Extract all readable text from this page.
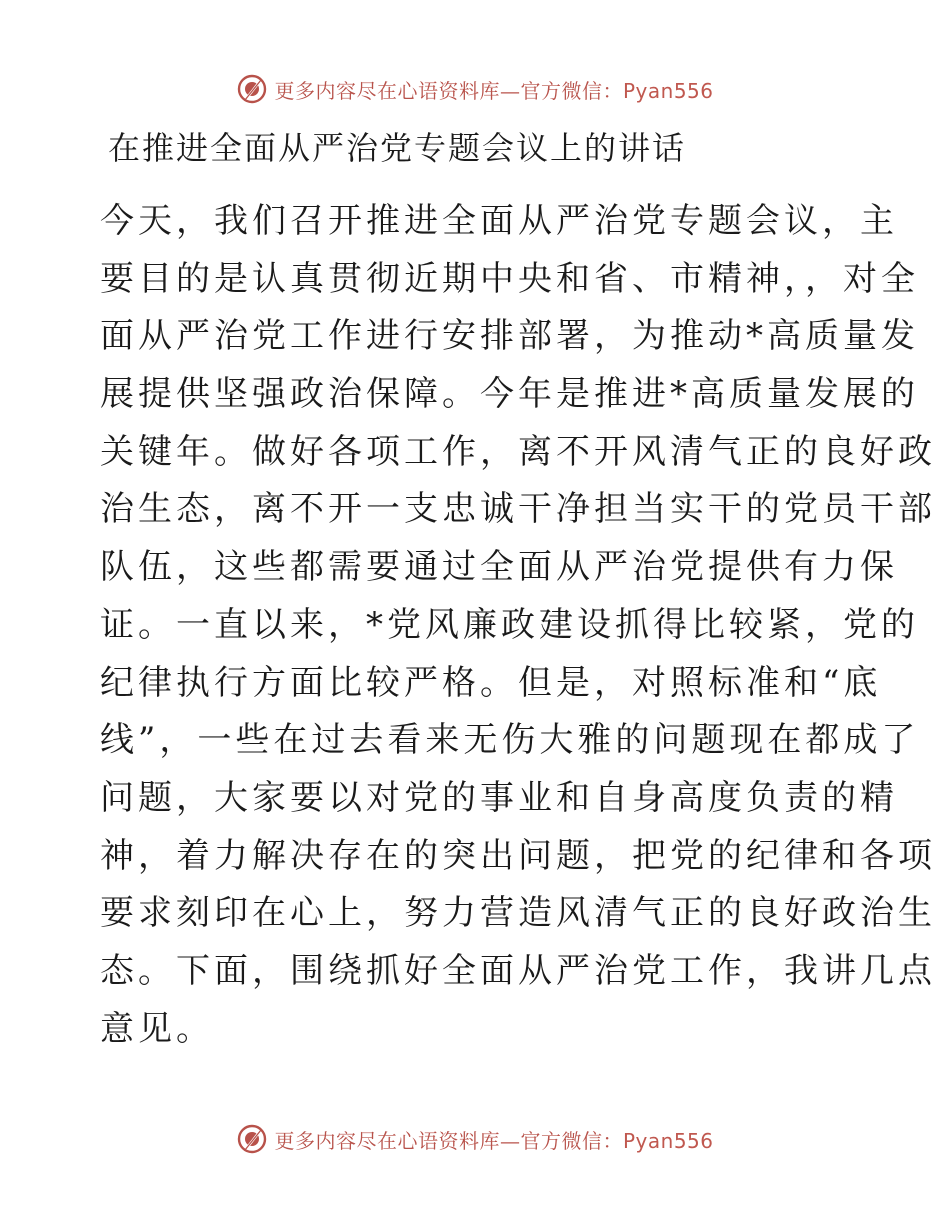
更多内容尽在心语资料库—官方微信：Pyan556
在推进全面从严治党专题会议上的讲话
今天，我们召开推进全面从严治党专题会议，主
要目的是认真贯彻近期中央和省、市精神，，对全
面从严治党工作进行安排部署，为推动*高质量发
展提供坚强政治保障。今年是推进*高质量发展的
关键年。做好各项工作，离不开风清气正的良好政
治生态，离不开一支忠诚干净担当实干的党员干部
队伍，这些都需要通过全面从严治党提供有力保
证。一直以来，*党风廉政建设抓得比较紧，党的
纪律执行方面比较严格。但是，对照标准和“底
线”，一些在过去看来无伤大雅的问题现在都成了
问题，大家要以对党的事业和自身高度负责的精
神，着力解决存在的突出问题，把党的纪律和各项
要求刻印在心上，努力营造风清气正的良好政治生
态。下面，围绕抓好全面从严治党工作，我讲几点
意见。
更多内容尽在心语资料库—官方微信：Pyan556
